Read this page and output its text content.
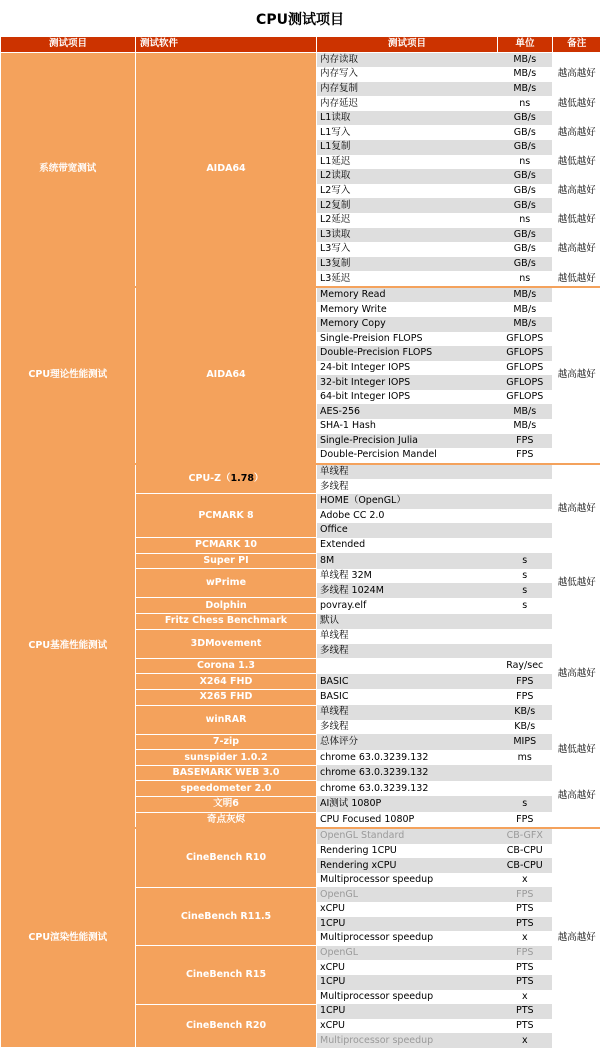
CPU测试项目
测试项目	测试软件	测试项目	单位	备注
系统带宽测试	AIDA64	内存读取	MB/s	
		内存写入	MB/s	越高越好
		内存复制	MB/s	
		内存延迟	ns	越低越好
		L1读取	GB/s	
		L1写入	GB/s	越高越好
		L1复制	GB/s	
		L1延迟	ns	越低越好
		L2读取	GB/s	
		L2写入	GB/s	越高越好
		L2复制	GB/s	
		L2延迟	ns	越低越好
		L3读取	GB/s	
		L3写入	GB/s	越高越好
		L3复制	GB/s	
		L3延迟	ns	越低越好
CPU理论性能测试	AIDA64	Memory Read	MB/s	越高越好
		Memory Write	MB/s	
		Memory Copy	MB/s	
		Single-Preision FLOPS	GFLOPS	
		Double-Precision FLOPS	GFLOPS	
		24-bit Integer IOPS	GFLOPS	
		32-bit Integer IOPS	GFLOPS	
		64-bit Integer IOPS	GFLOPS	
		AES-256	MB/s	
		SHA-1 Hash	MB/s	
		Single-Precision Julia	FPS	
		Double-Percision Mandel	FPS	
CPU基准性能测试	CPU-Z（1.78）	单线程		越高越好
		多线程		
	PCMARK 8	HOME（OpenGL）		
		Adobe CC 2.0		
		Office		
	PCMARK 10	Extended		
	Super PI	8M	s	越低越好
	wPrime	单线程 32M	s	
		多线程 1024M	s	
	Dolphin	povray.elf	s	
	Fritz Chess Benchmark	默认		越高越好
	3DMovement	单线程		
		多线程		
	Corona 1.3		Ray/sec	
	X264 FHD	BASIC	FPS	
	X265 FHD	BASIC	FPS	
	winRAR	单线程	KB/s	
		多线程	KB/s	
	7-zip	总体评分	MIPS	越低越好
	sunspider 1.0.2	chrome 63.0.3239.132	ms	
	BASEMARK WEB 3.0	chrome 63.0.3239.132		越高越好
	speedometer 2.0	chrome 63.0.3239.132		
	文明6	AI测试 1080P	s	
	奇点灰烬	CPU Focused 1080P	FPS	
CPU渲染性能测试	CineBench R10	OpenGL Standard	CB-GFX	越高越好
		Rendering 1CPU	CB-CPU	
		Rendering xCPU	CB-CPU	
		Multiprocessor speedup	x	
	CineBench R11.5	OpenGL	FPS	
		xCPU	PTS	
		1CPU	PTS	
		Multiprocessor speedup	x	
	CineBench R15	OpenGL	FPS	
		xCPU	PTS	
		1CPU	PTS	
		Multiprocessor speedup	x	
	CineBench R20	1CPU	PTS	
		xCPU	PTS	
		Multiprocessor speedup	x	
